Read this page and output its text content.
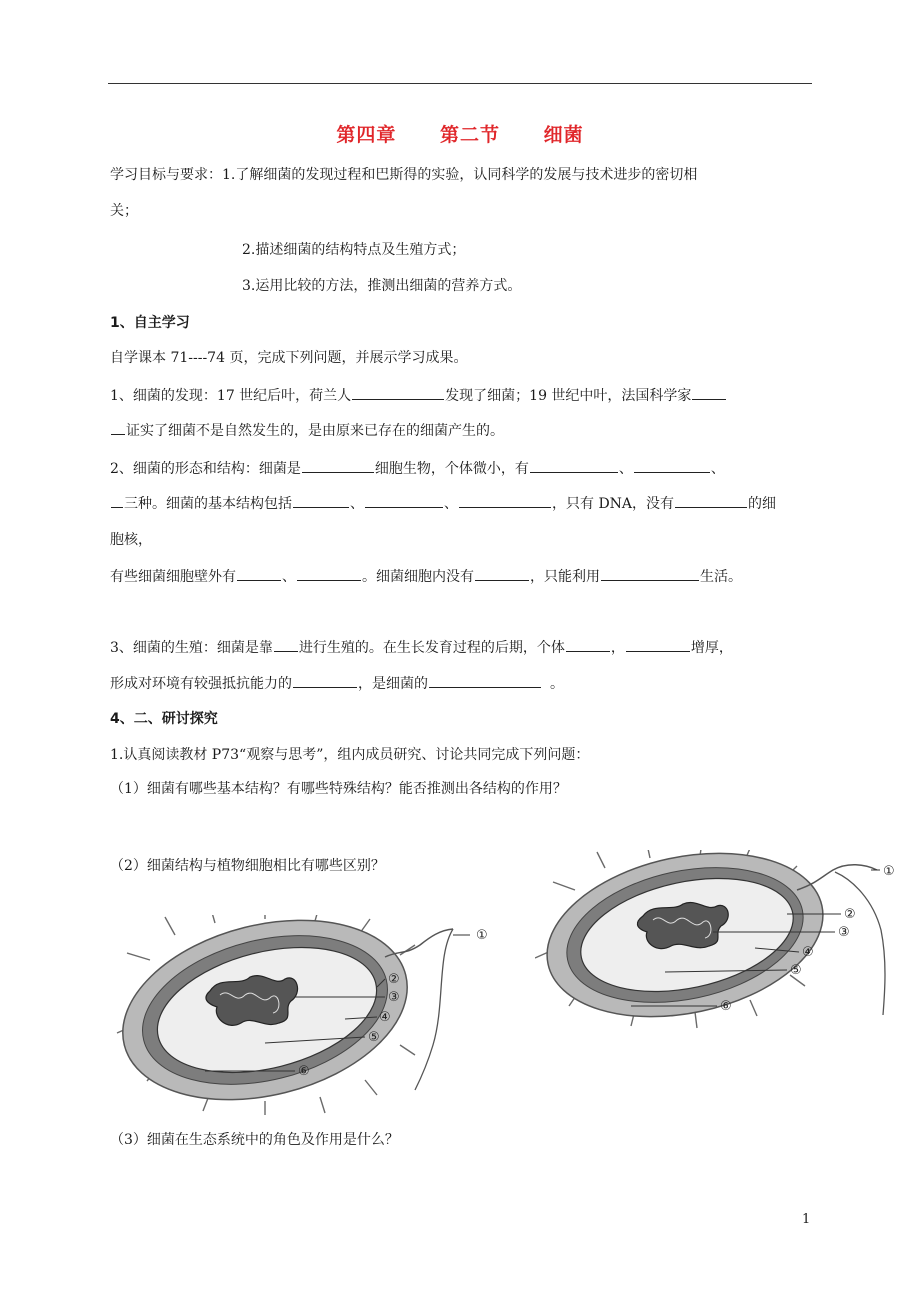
第四章 第二节 细菌
学习目标与要求：1.了解细菌的发现过程和巴斯得的实验，认同科学的发展与技术进步的密切相
关；
2.描述细菌的结构特点及生殖方式；
3.运用比较的方法，推测出细菌的营养方式。
1、自主学习
自学课本 71----74 页，完成下列问题，并展示学习成果。
1、细菌的发现：17 世纪后叶，荷兰人	发现了细菌；19 世纪中叶，法国科学家
证实了细菌不是自然发生的，是由原来已存在的细菌产生的。
2、细菌的形态和结构：细菌是	细胞生物，个体微小，有	、	、
三种。细菌的基本结构包括	、	、	，只有 DNA，没有	的细
胞核，
有些细菌细胞壁外有	、	。细菌细胞内没有	，只能利用	生活。
3、细菌的生殖：细菌是靠 进行生殖的。在生长发育过程的后期，个体	，	增厚，
形成对环境有较强抵抗能力的	，是细菌的	。
4、二、研讨探究
1.认真阅读教材 P73“观察与思考”，组内成员研究、讨论共同完成下列问题：
（1）细菌有哪些基本结构？有哪些特殊结构？能否推测出各结构的作用？
（2）细菌结构与植物细胞相比有哪些区别？
①
②
③
④
⑤
⑥
①
②
③
④
⑤
⑥
（3）细菌在生态系统中的角色及作用是什么？
1
